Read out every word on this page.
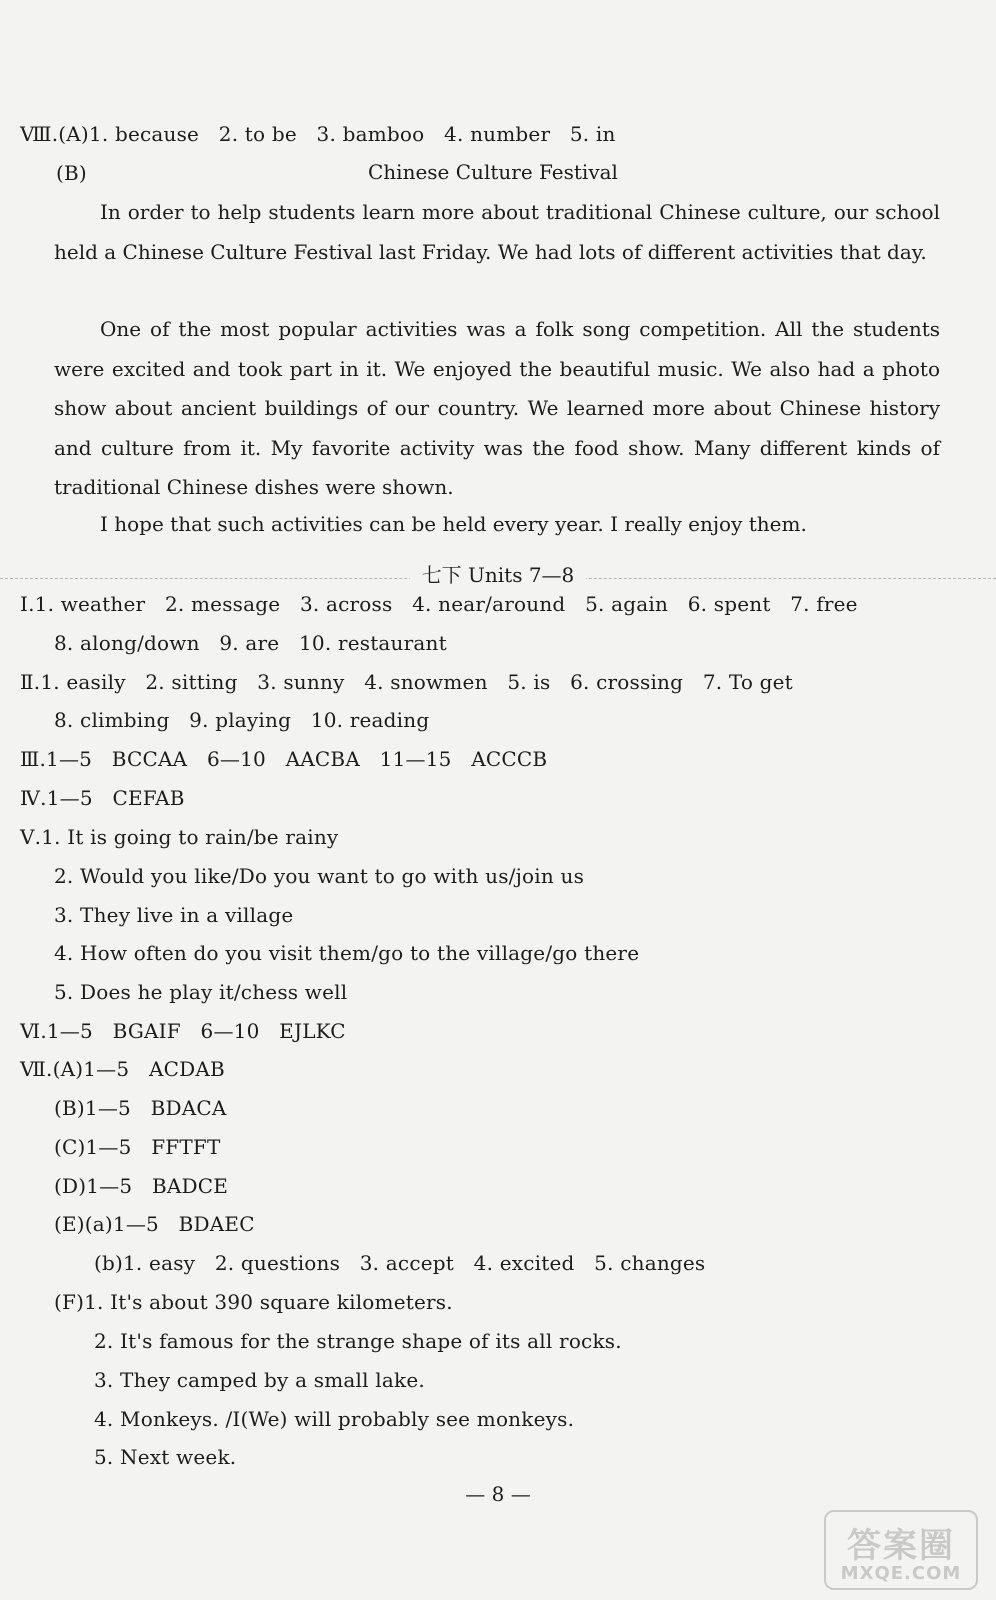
Ⅷ.(A)1. because   2. to be   3. bamboo   4. number   5. in
(B)	Chinese Culture Festival
In order to help students learn more about traditional Chinese culture, our school held a Chinese Culture Festival last Friday. We had lots of different activities that day.
One of the most popular activities was a folk song competition. All the students were excited and took part in it. We enjoyed the beautiful music. We also had a photo show about ancient buildings of our country. We learned more about Chinese history and culture from it. My favorite activity was the food show. Many different kinds of traditional Chinese dishes were shown.
I hope that such activities can be held every year. I really enjoy them.
七下 Units 7—8
Ⅰ.1. weather   2. message   3. across   4. near/around   5. again   6. spent   7. free
8. along/down   9. are   10. restaurant
Ⅱ.1. easily   2. sitting   3. sunny   4. snowmen   5. is   6. crossing   7. To get
8. climbing   9. playing   10. reading
Ⅲ.1—5   BCCAA   6—10   AACBA   11—15   ACCCB
Ⅳ.1—5   CEFAB
Ⅴ.1. It is going to rain/be rainy
2. Would you like/Do you want to go with us/join us
3. They live in a village
4. How often do you visit them/go to the village/go there
5. Does he play it/chess well
Ⅵ.1—5   BGAIF   6—10   EJLKC
Ⅶ.(A)1—5   ACDAB
(B)1—5   BDACA
(C)1—5   FFTFT
(D)1—5   BADCE
(E)(a)1—5   BDAEC
(b)1. easy   2. questions   3. accept   4. excited   5. changes
(F)1. It's about 390 square kilometers.
2. It's famous for the strange shape of its all rocks.
3. They camped by a small lake.
4. Monkeys. /I(We) will probably see monkeys.
5. Next week.
— 8 —
答案圈
MXQE.COM
